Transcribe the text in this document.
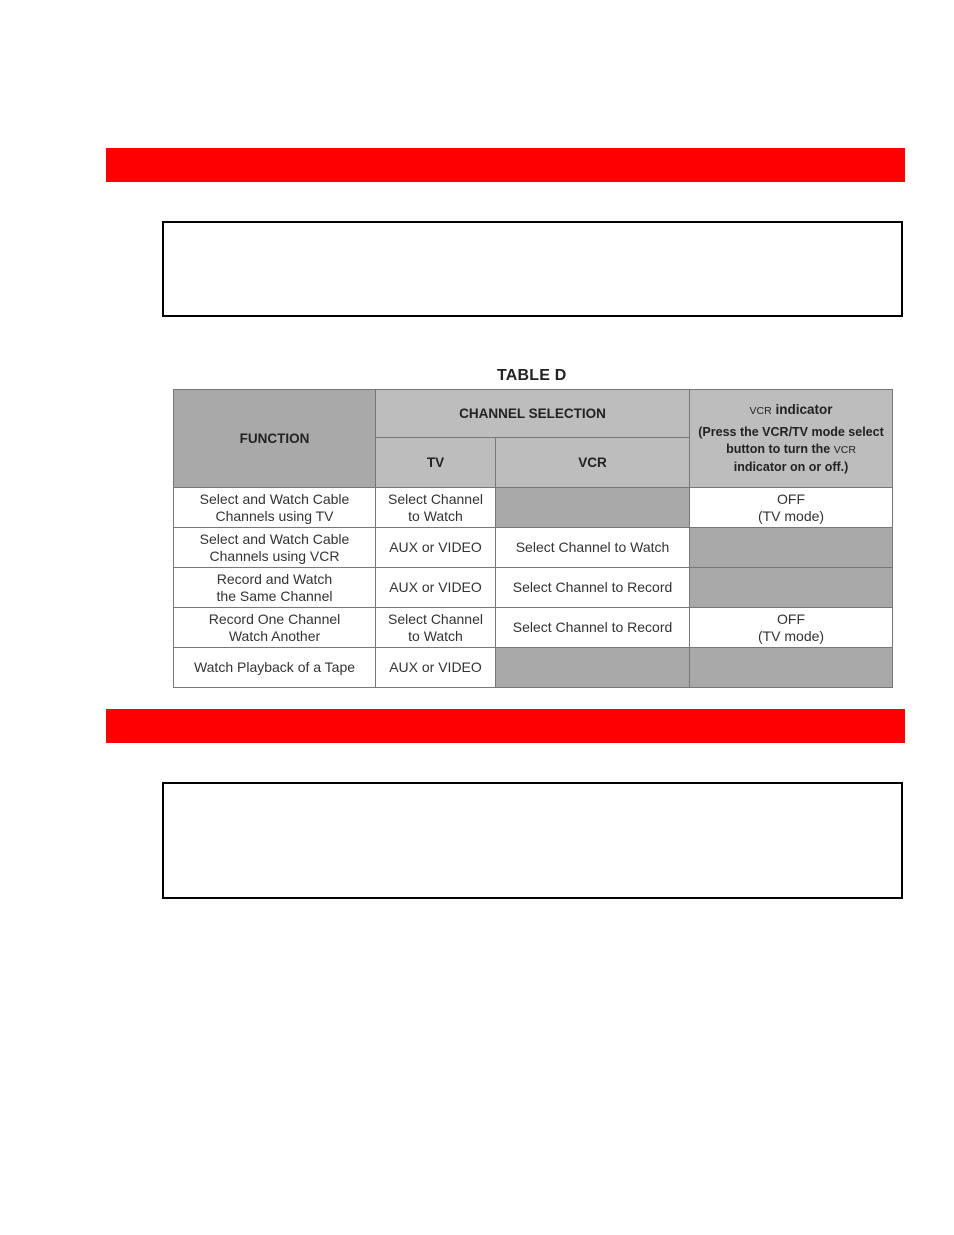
TABLE D
FUNCTION	CHANNEL SELECTION		VCR indicator
(Press the VCR/TV mode select button to turn the VCR indicator on or off.)

	TV	VCR	
Select and Watch Cable
Channels using TV	Select Channel
to Watch		OFF
(TV mode)
Select and Watch Cable
Channels using VCR	AUX or VIDEO	Select Channel to Watch	
Record and Watch
the Same Channel	AUX or VIDEO	Select Channel to Record	
Record One Channel
Watch Another	Select Channel
to Watch	Select Channel to Record	OFF
(TV mode)
Watch Playback of a Tape	AUX or VIDEO		
